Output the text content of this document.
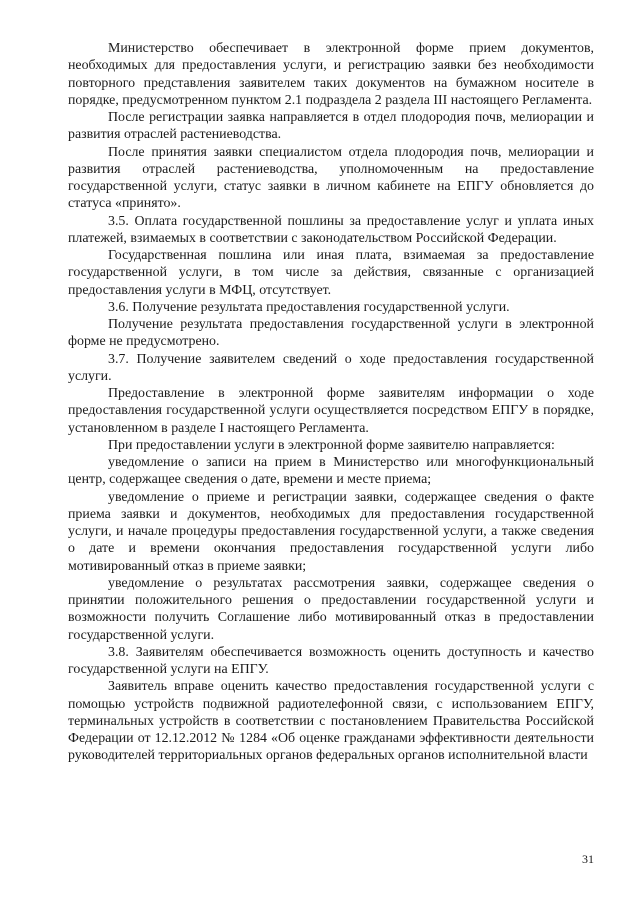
Министерство обеспечивает в электронной форме прием документов, необходимых для предоставления услуги, и регистрацию заявки без необходимости повторного представления заявителем таких документов на бумажном носителе в порядке, предусмотренном пунктом 2.1 подраздела 2 раздела III настоящего Регламента.

После регистрации заявка направляется в отдел плодородия почв, мелиорации и развития отраслей растениеводства.

После принятия заявки специалистом отдела плодородия почв, мелиорации и развития отраслей растениеводства, уполномоченным на предоставление государственной услуги, статус заявки в личном кабинете на ЕПГУ обновляется до статуса «принято».

3.5. Оплата государственной пошлины за предоставление услуг и уплата иных платежей, взимаемых в соответствии с законодательством Российской Федерации.

Государственная пошлина или иная плата, взимаемая за предоставление государственной услуги, в том числе за действия, связанные с организацией предоставления услуги в МФЦ, отсутствует.

3.6. Получение результата предоставления государственной услуги.

Получение результата предоставления государственной услуги в электронной форме не предусмотрено.

3.7. Получение заявителем сведений о ходе предоставления государственной услуги.

Предоставление в электронной форме заявителям информации о ходе предоставления государственной услуги осуществляется посредством ЕПГУ в порядке, установленном в разделе I настоящего Регламента.

При предоставлении услуги в электронной форме заявителю направляется:

уведомление о записи на прием в Министерство или многофункциональный центр, содержащее сведения о дате, времени и месте приема;

уведомление о приеме и регистрации заявки, содержащее сведения о факте приема заявки и документов, необходимых для предоставления государственной услуги, и начале процедуры предоставления государственной услуги, а также сведения о дате и времени окончания предоставления государственной услуги либо мотивированный отказ в приеме заявки;

уведомление о результатах рассмотрения заявки, содержащее сведения о принятии положительного решения о предоставлении государственной услуги и возможности получить Соглашение либо мотивированный отказ в предоставлении государственной услуги.

3.8. Заявителям обеспечивается возможность оценить доступность и качество государственной услуги на ЕПГУ.

Заявитель вправе оценить качество предоставления государственной услуги с помощью устройств подвижной радиотелефонной связи, с использованием ЕПГУ, терминальных устройств в соответствии с постановлением Правительства Российской Федерации от 12.12.2012 № 1284 «Об оценке гражданами эффективности деятельности руководителей территориальных органов федеральных органов исполнительной власти

31
